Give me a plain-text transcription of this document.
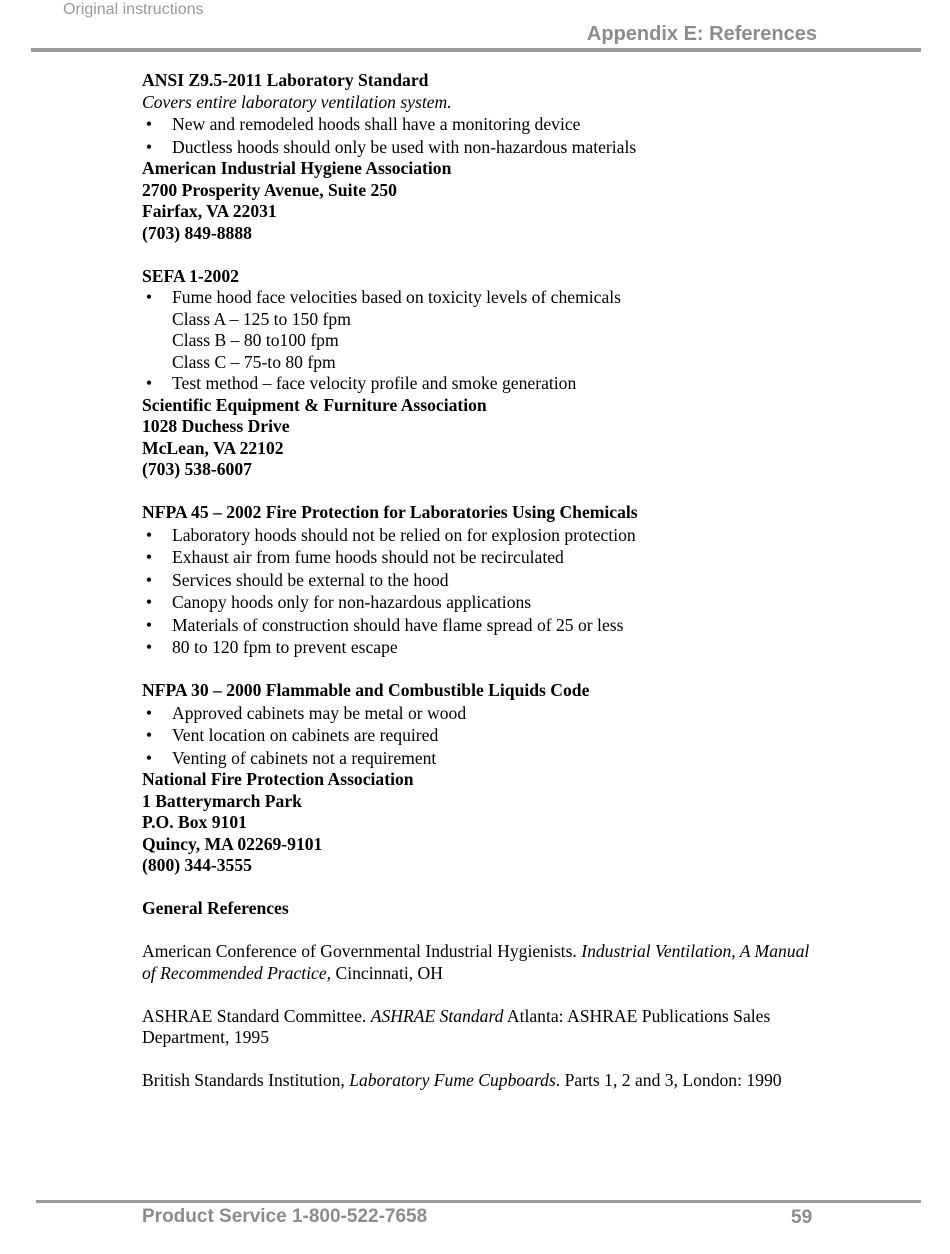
Original instructions
Appendix E: References
ANSI Z9.5-2011 Laboratory Standard
Covers entire laboratory ventilation system.
• New and remodeled hoods shall have a monitoring device
• Ductless hoods should only be used with non-hazardous materials
American Industrial Hygiene Association
2700 Prosperity Avenue, Suite 250
Fairfax, VA 22031
(703) 849-8888
SEFA 1-2002
• Fume hood face velocities based on toxicity levels of chemicals
Class A – 125 to 150 fpm
Class B – 80 to100 fpm
Class C – 75-to 80 fpm
• Test method – face velocity profile and smoke generation
Scientific Equipment & Furniture Association
1028 Duchess Drive
McLean, VA 22102
(703) 538-6007
NFPA 45 – 2002 Fire Protection for Laboratories Using Chemicals
• Laboratory hoods should not be relied on for explosion protection
• Exhaust air from fume hoods should not be recirculated
• Services should be external to the hood
• Canopy hoods only for non-hazardous applications
• Materials of construction should have flame spread of 25 or less
• 80 to 120 fpm to prevent escape
NFPA 30 – 2000 Flammable and Combustible Liquids Code
• Approved cabinets may be metal or wood
• Vent location on cabinets are required
• Venting of cabinets not a requirement
National Fire Protection Association
1 Batterymarch Park
P.O. Box 9101
Quincy, MA 02269-9101
(800) 344-3555
General References
American Conference of Governmental Industrial Hygienists. Industrial Ventilation, A Manual of Recommended Practice, Cincinnati, OH
ASHRAE Standard Committee. ASHRAE Standard Atlanta: ASHRAE Publications Sales Department, 1995
British Standards Institution, Laboratory Fume Cupboards. Parts 1, 2 and 3, London: 1990
Product Service 1-800-522-7658	59
